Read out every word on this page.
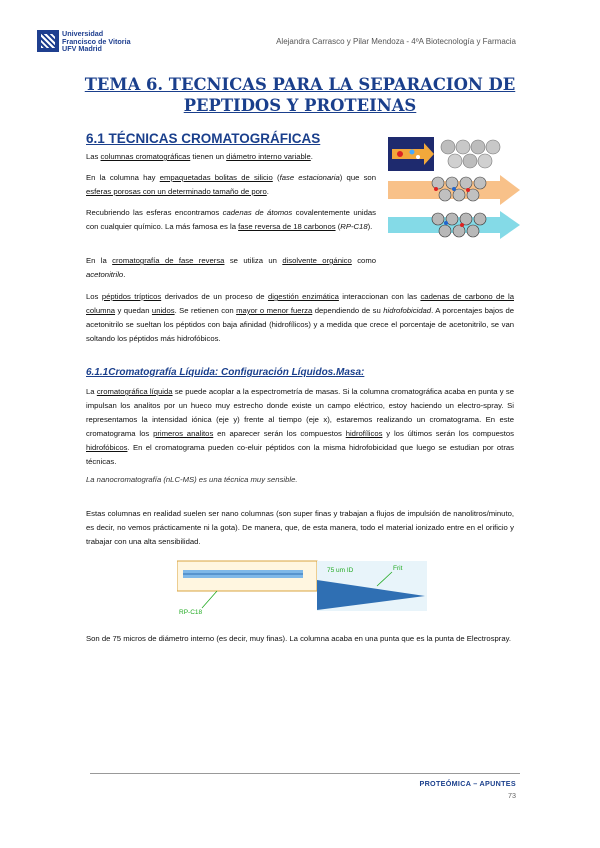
Universidad
Francisco de Vitoria
UFV Madrid
Alejandra Carrasco y Pilar Mendoza - 4ºA Biotecnología y Farmacia
TEMA 6. TECNICAS PARA LA SEPARACION DE
PEPTIDOS Y PROTEINAS
6.1 TÉCNICAS CROMATOGRÁFICAS
Las columnas cromatográficas tienen un diámetro interno variable.
En la columna hay empaquetadas bolitas de silicio (fase estacionaria) que son esferas porosas con un determinado tamaño de poro.
Recubriendo las esferas encontramos cadenas de átomos covalentemente unidas con cualquier químico. La más famosa es la fase reversa de 18 carbonos (RP-C18).
En la cromatografía de fase reversa se utiliza un disolvente orgánico como acetonitrilo.
Los péptidos trípticos derivados de un proceso de digestión enzimática interaccionan con las cadenas de carbono de la columna y quedan unidos. Se retienen con mayor o menor fuerza dependiendo de su hidrofobicidad. A porcentajes bajos de acetonitrilo se sueltan los péptidos con baja afinidad (hidrofílicos) y a medida que crece el porcentaje de acetonitrilo, se van soltando los péptidos más hidrofóbicos.
6.1.1Cromatografía Líquida: Configuración Líquidos.Masa:
La cromatográfica líquida se puede acoplar a la espectrometría de masas. Si la columna cromatográfica acaba en punta y se impulsan los analitos por un hueco muy estrecho donde existe un campo eléctrico, estoy haciendo un electro-spray. Si representamos la intensidad iónica (eje y) frente al tiempo (eje x), estaremos realizando un cromatograma. En este cromatograma los primeros analitos en aparecer serán los compuestos hidrofílicos y los últimos serán los compuestos hidrofóbicos. En el cromatograma pueden co-eluir péptidos con la misma hidrofobicidad que luego se estudian por otras técnicas.
La nanocromatografía (nLC-MS) es una técnica muy sensible.
Estas columnas en realidad suelen ser nano columnas (son super finas y trabajan a flujos de impulsión de nanolitros/minuto, es decir, no vemos prácticamente ni la gota). De manera, que, de esta manera, todo el material ionizado entre en el orificio y trabajar con una alta sensibilidad.
75 um ID	Frit
RP-C18
Son de 75 micros de diámetro interno (es decir, muy finas). La columna acaba en una punta que es la punta de Electrospray.
PROTEÓMICA – APUNTES
73
